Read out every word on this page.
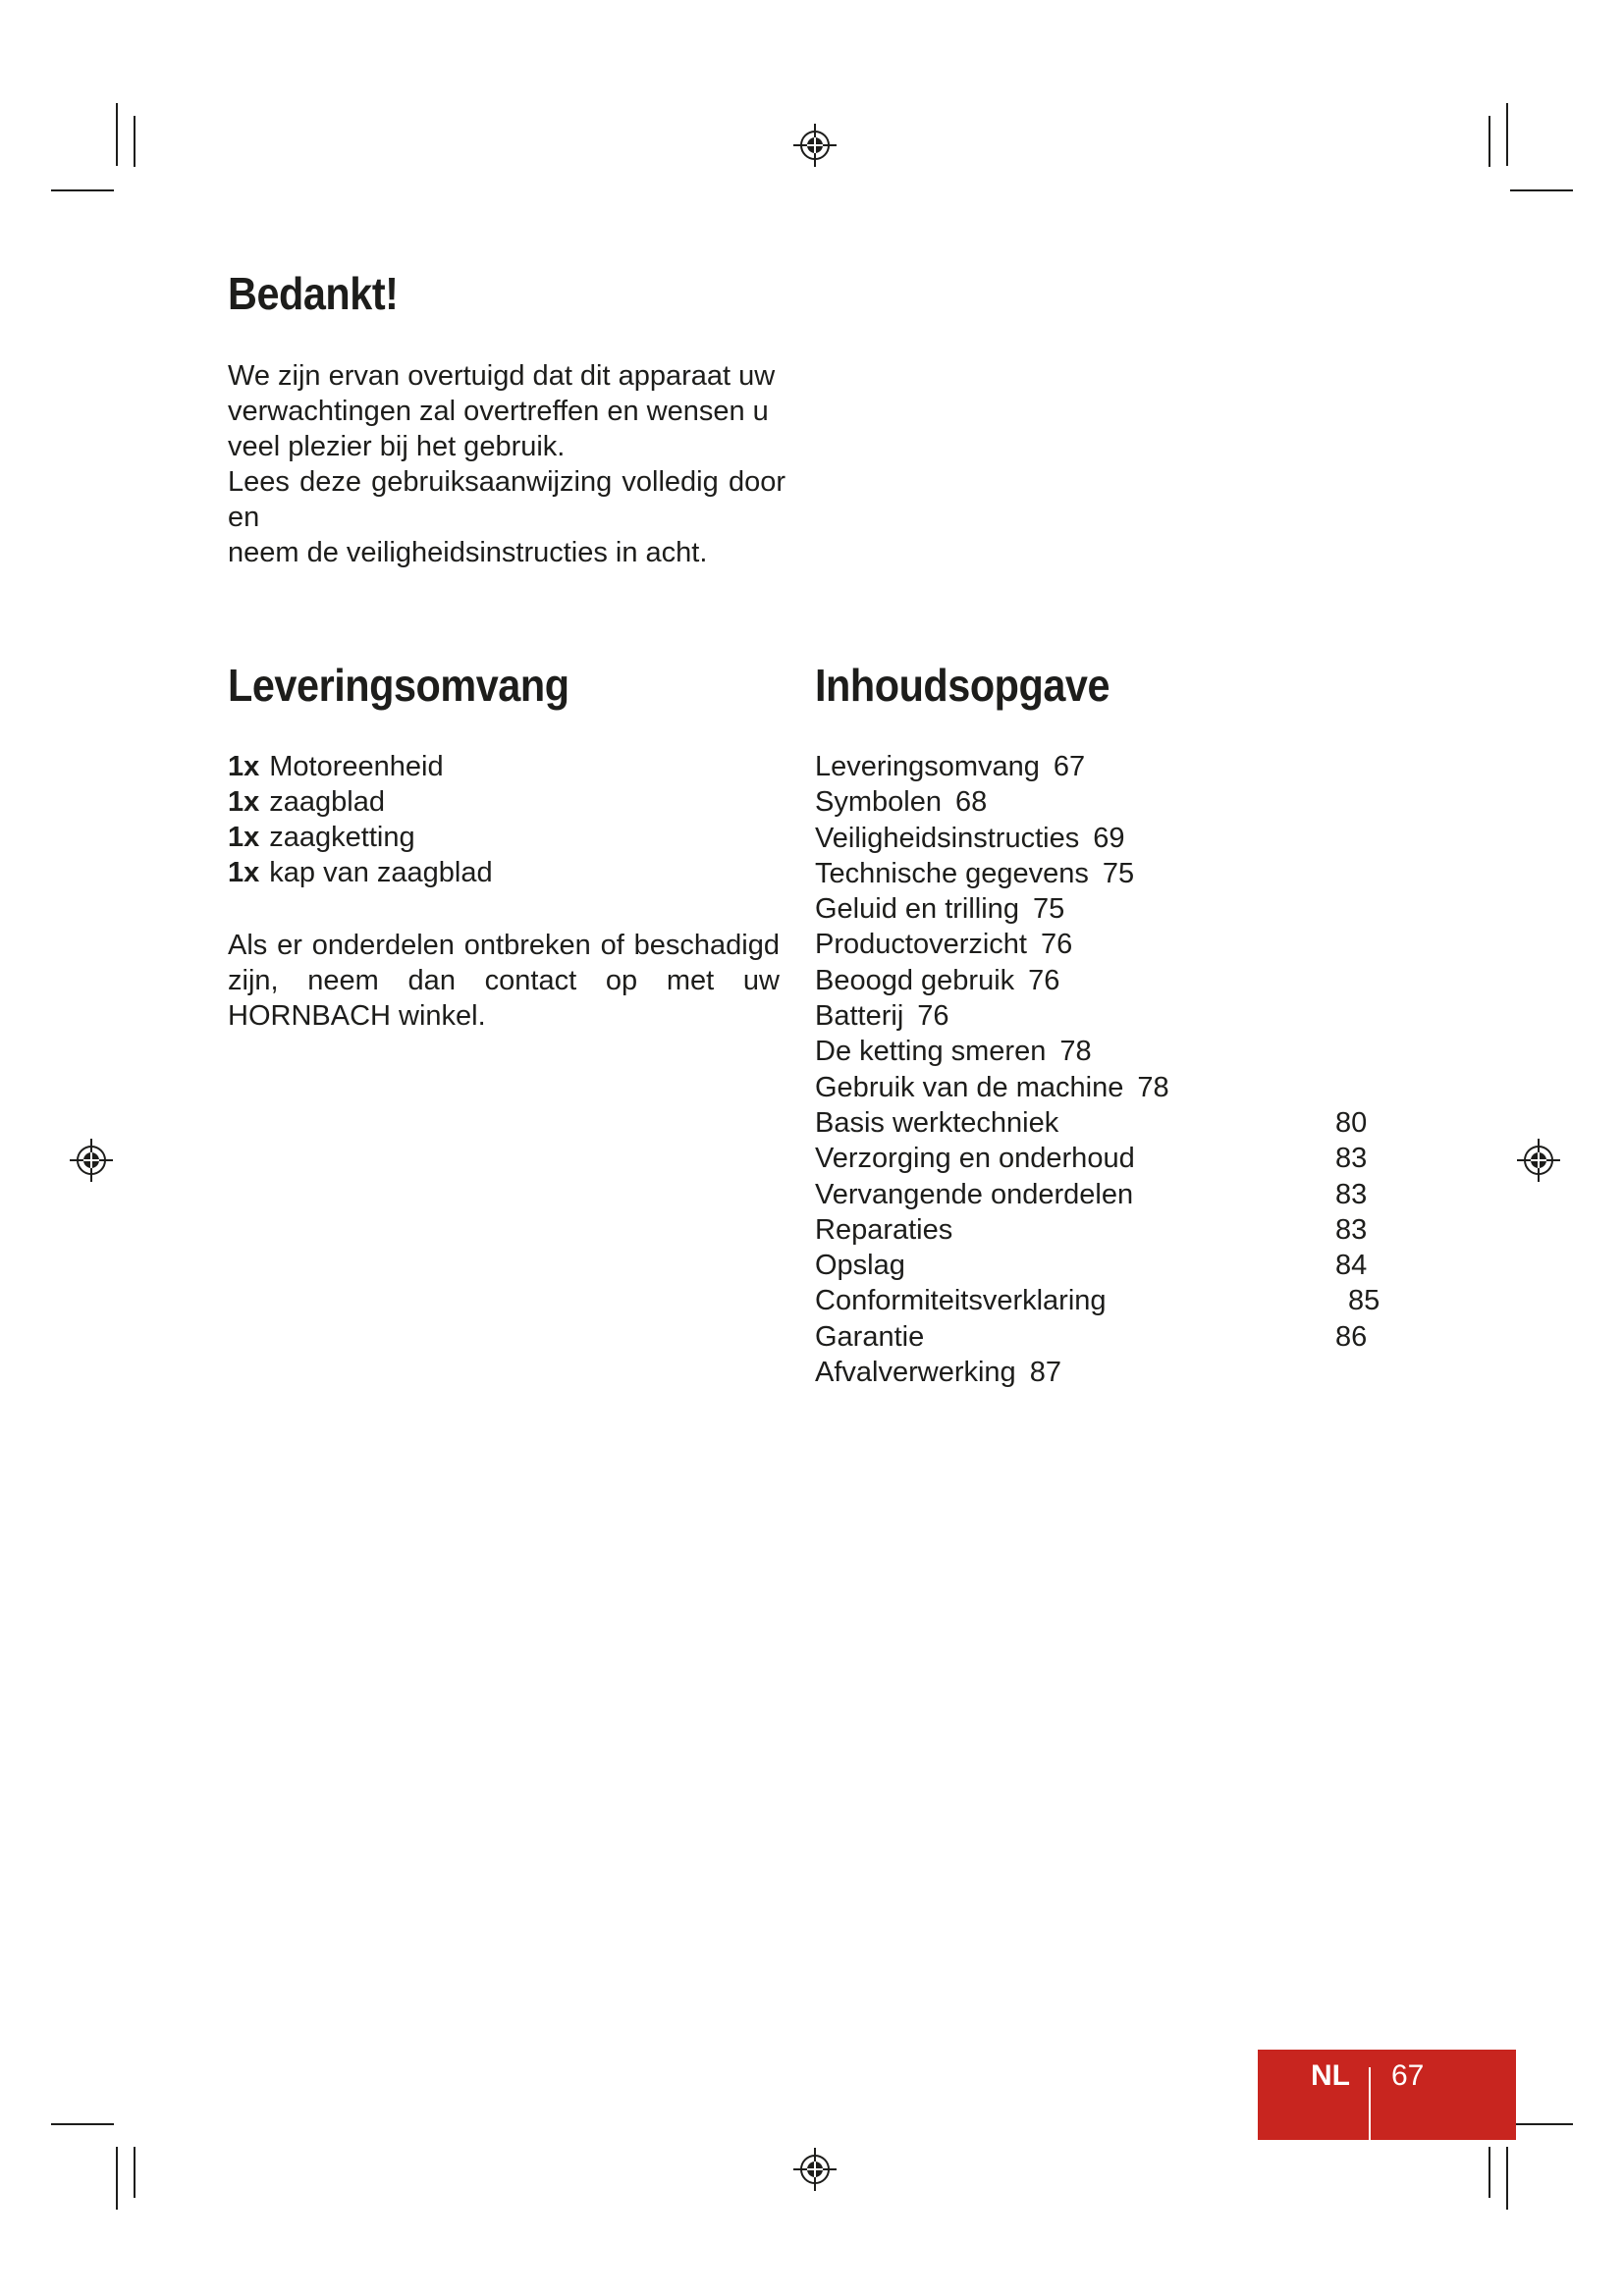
Bedankt!

We zijn ervan overtuigd dat dit apparaat uw

verwachtingen zal overtreffen en wensen u

veel plezier bij het gebruik.

Lees deze gebruiksaanwijzing volledig door en

neem de veiligheidsinstructies in acht.

Leveringsomvang
1x Motoreenheid
1x zaagblad
1x zaagketting
1x kap van zaagblad

Als er onderdelen ontbreken of beschadigd zijn, neem dan contact op met uw HORNBACH winkel.

Inhoudsopgave
Leveringsomvang 67
Symbolen 68
Veiligheidsinstructies 69
Technische gegevens 75
Geluid en trilling 75
Productoverzicht 76
Beoogd gebruik 76
Batterij 76
De ketting smeren 78
Gebruik van de machine 78
Basis werktechniek	80
Verzorging en onderhoud	83
Vervangende onderdelen	83
Reparaties	83
Opslag	84
Conformiteitsverklaring	85
Garantie	86
Afvalverwerking 87
NL 67
